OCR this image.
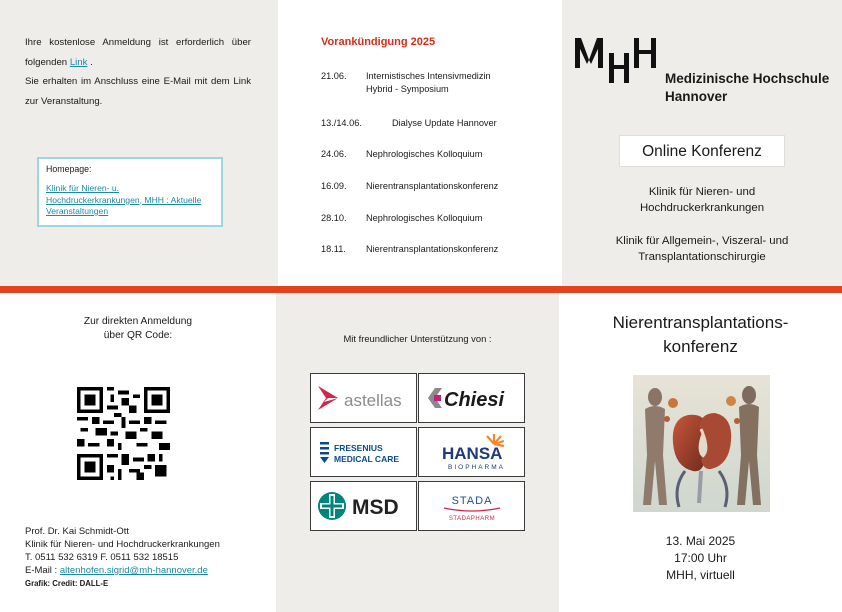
Ihre kostenlose Anmeldung ist erforderlich über folgenden Link .
Sie erhalten im Anschluss eine E-Mail mit dem Link zur Veranstaltung.
Homepage:
Klinik für Nieren- u. Hochdruckerkrankungen, MHH : Aktuelle Veranstaltungen
Vorankündigung 2025
21.06. Internistisches Intensivmedizin
Hybrid - Symposium
13./14.06.	Dialyse Update Hannover
24.06. Nephrologisches Kolloquium
16.09. Nierentransplantationskonferenz
28.10. Nephrologisches Kolloquium
18.11. Nierentransplantationskonferenz
Medizinische Hochschule
Hannover
Online Konferenz
Klinik für Nieren- und
Hochdruckerkrankungen
Klinik für Allgemein-, Viszeral- und
Transplantationschirurgie
Zur direkten Anmeldung
über QR Code:
Prof. Dr. Kai Schmidt-Ott
Klinik für Nieren- und Hochdruckerkrankungen
T. 0511 532 6319 F. 0511 532 18515
E-Mail : altenhofen.sigrid@mh-hannover.de
Grafik: Credit: DALL-E
Mit freundlicher Unterstützung von :
astellas Chiesi
FRESENIUS
MEDICAL CARE	HANSA
BIOPHARMA
MSD	STADA
STADAPHARM
Nierentransplantations-
konferenz
13. Mai 2025
17:00 Uhr
MHH, virtuell
